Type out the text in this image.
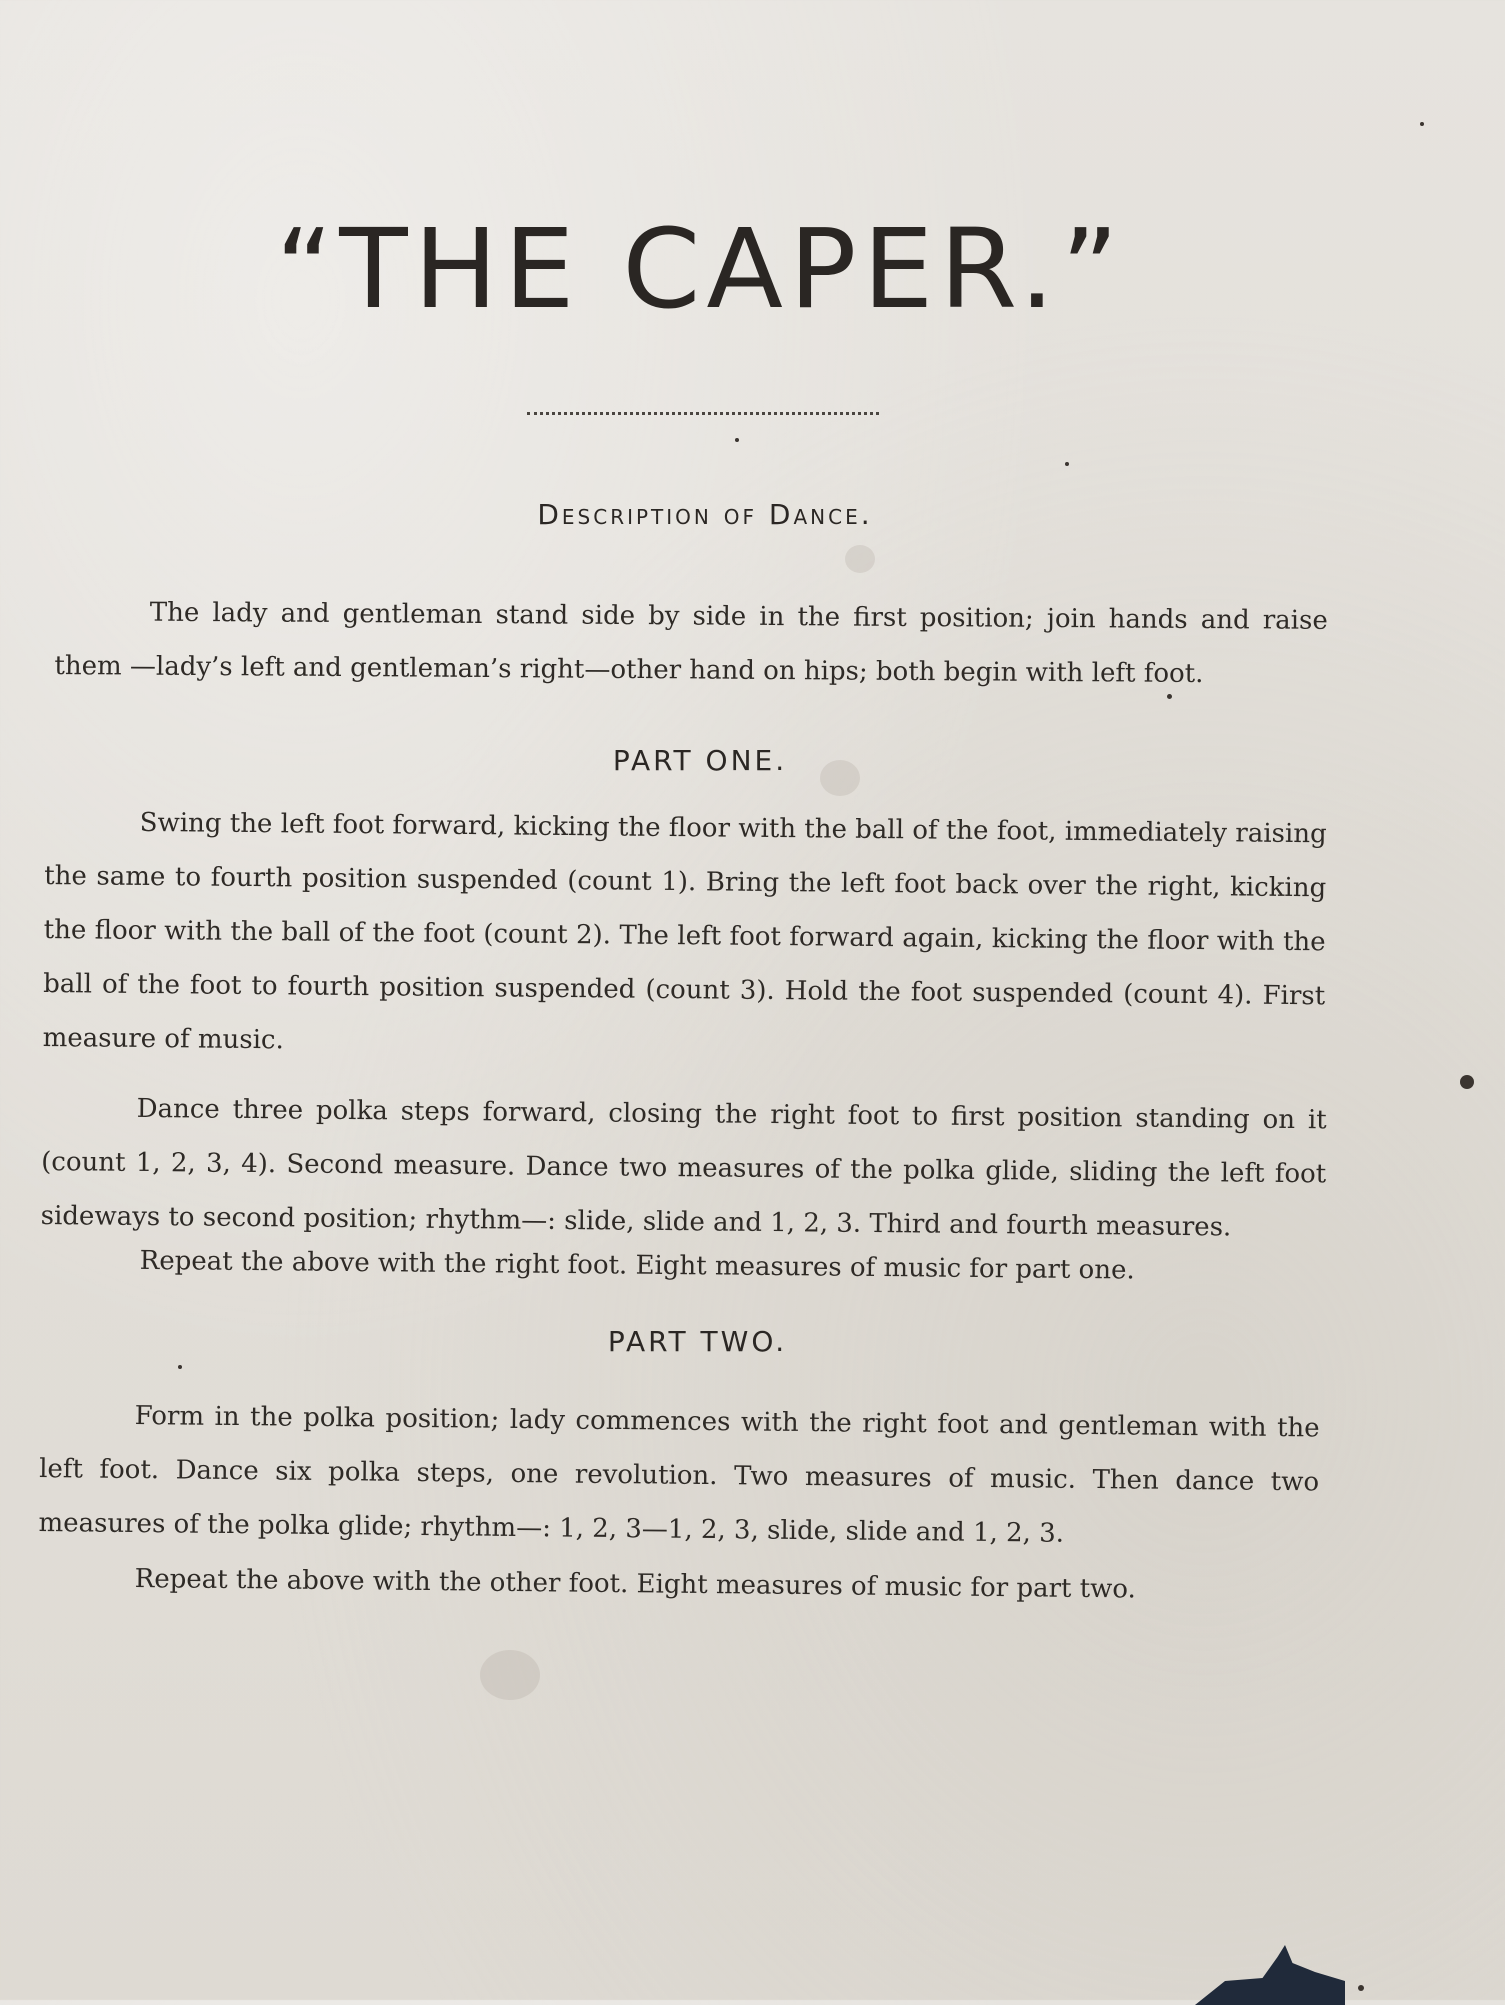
“THE CAPER.”
Description of Dance.

The lady and gentleman stand side by side in the first position; join hands and raise them —lady’s left and gentleman’s right—other hand on hips; both begin with left foot.

PART ONE.

Swing the left foot forward, kicking the floor with the ball of the foot, immediately raising the same to fourth position suspended (count 1). Bring the left foot back over the right, kicking the floor with the ball of the foot (count 2). The left foot forward again, kicking the floor with the ball of the foot to fourth position suspended (count 3). Hold the foot suspended (count 4). First measure of music.

Dance three polka steps forward, closing the right foot to first position standing on it (count 1, 2, 3, 4). Second measure. Dance two measures of the polka glide, sliding the left foot sideways to second position; rhythm—: slide, slide and 1, 2, 3. Third and fourth measures.

Repeat the above with the right foot. Eight measures of music for part one.

PART TWO.

Form in the polka position; lady commences with the right foot and gentleman with the left foot. Dance six polka steps, one revolution. Two measures of music. Then dance two measures of the polka glide; rhythm—: 1, 2, 3—1, 2, 3, slide, slide and 1, 2, 3.

Repeat the above with the other foot. Eight measures of music for part two.
